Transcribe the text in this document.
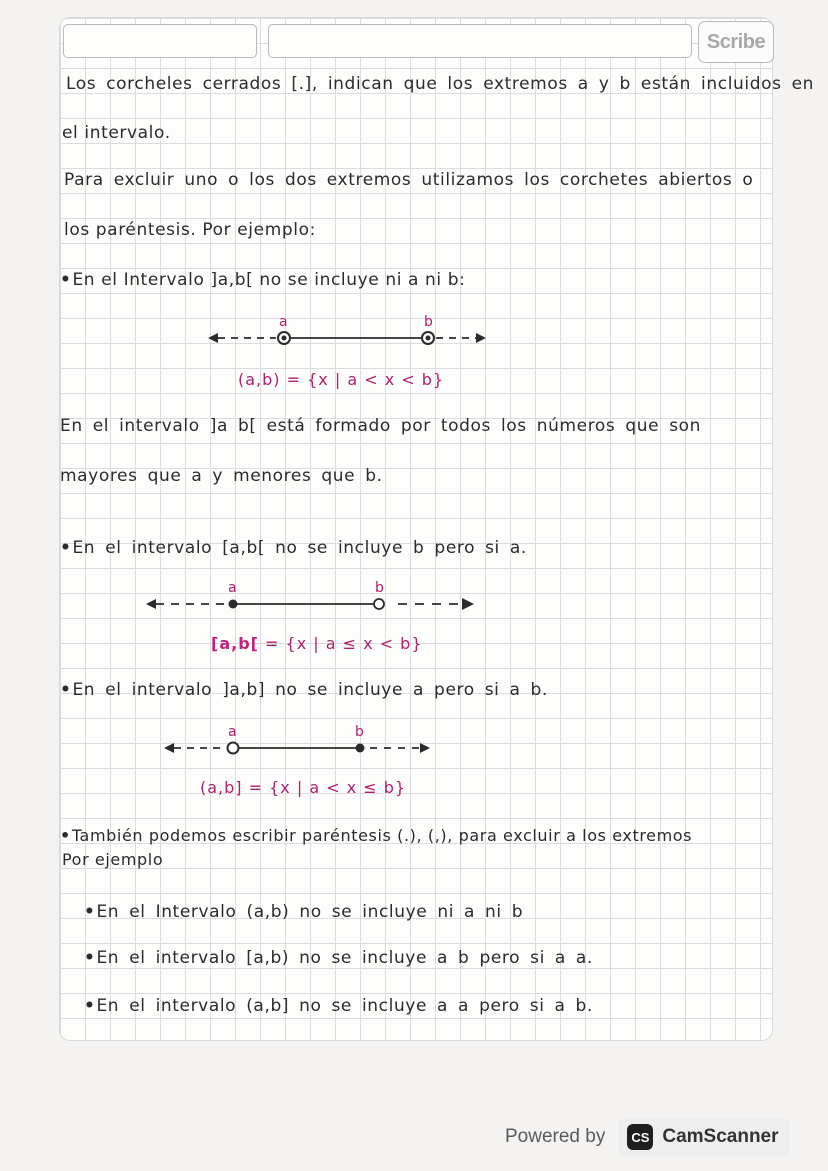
Scribe
Los corcheles cerrados [.], indican que los extremos a y b están incluidos en
el intervalo.
Para excluir uno o los dos extremos utilizamos los corchetes abiertos o
los paréntesis. Por ejemplo:
•En el Intervalo ]a,b[ no se incluye ni a ni b:
a	b
(a,b) = {x | a < x < b}
En el intervalo ]a b[ está formado por todos los números que son
mayores que a y menores que b.
•En el intervalo [a,b[ no se incluye b pero si a.
a	b
[a,b[ = {x | a ≤ x < b}
•En el intervalo ]a,b] no se incluye a pero si a b.
a	b
(a,b] = {x | a < x ≤ b}
•También podemos escribir paréntesis (.), (,), para excluir a los extremos
Por ejemplo
•En el Intervalo (a,b) no se incluye ni a ni b
•En el intervalo [a,b) no se incluye a b pero si a a.
•En el intervalo (a,b] no se incluye a a pero si a b.
Powered by	CS CamScanner
